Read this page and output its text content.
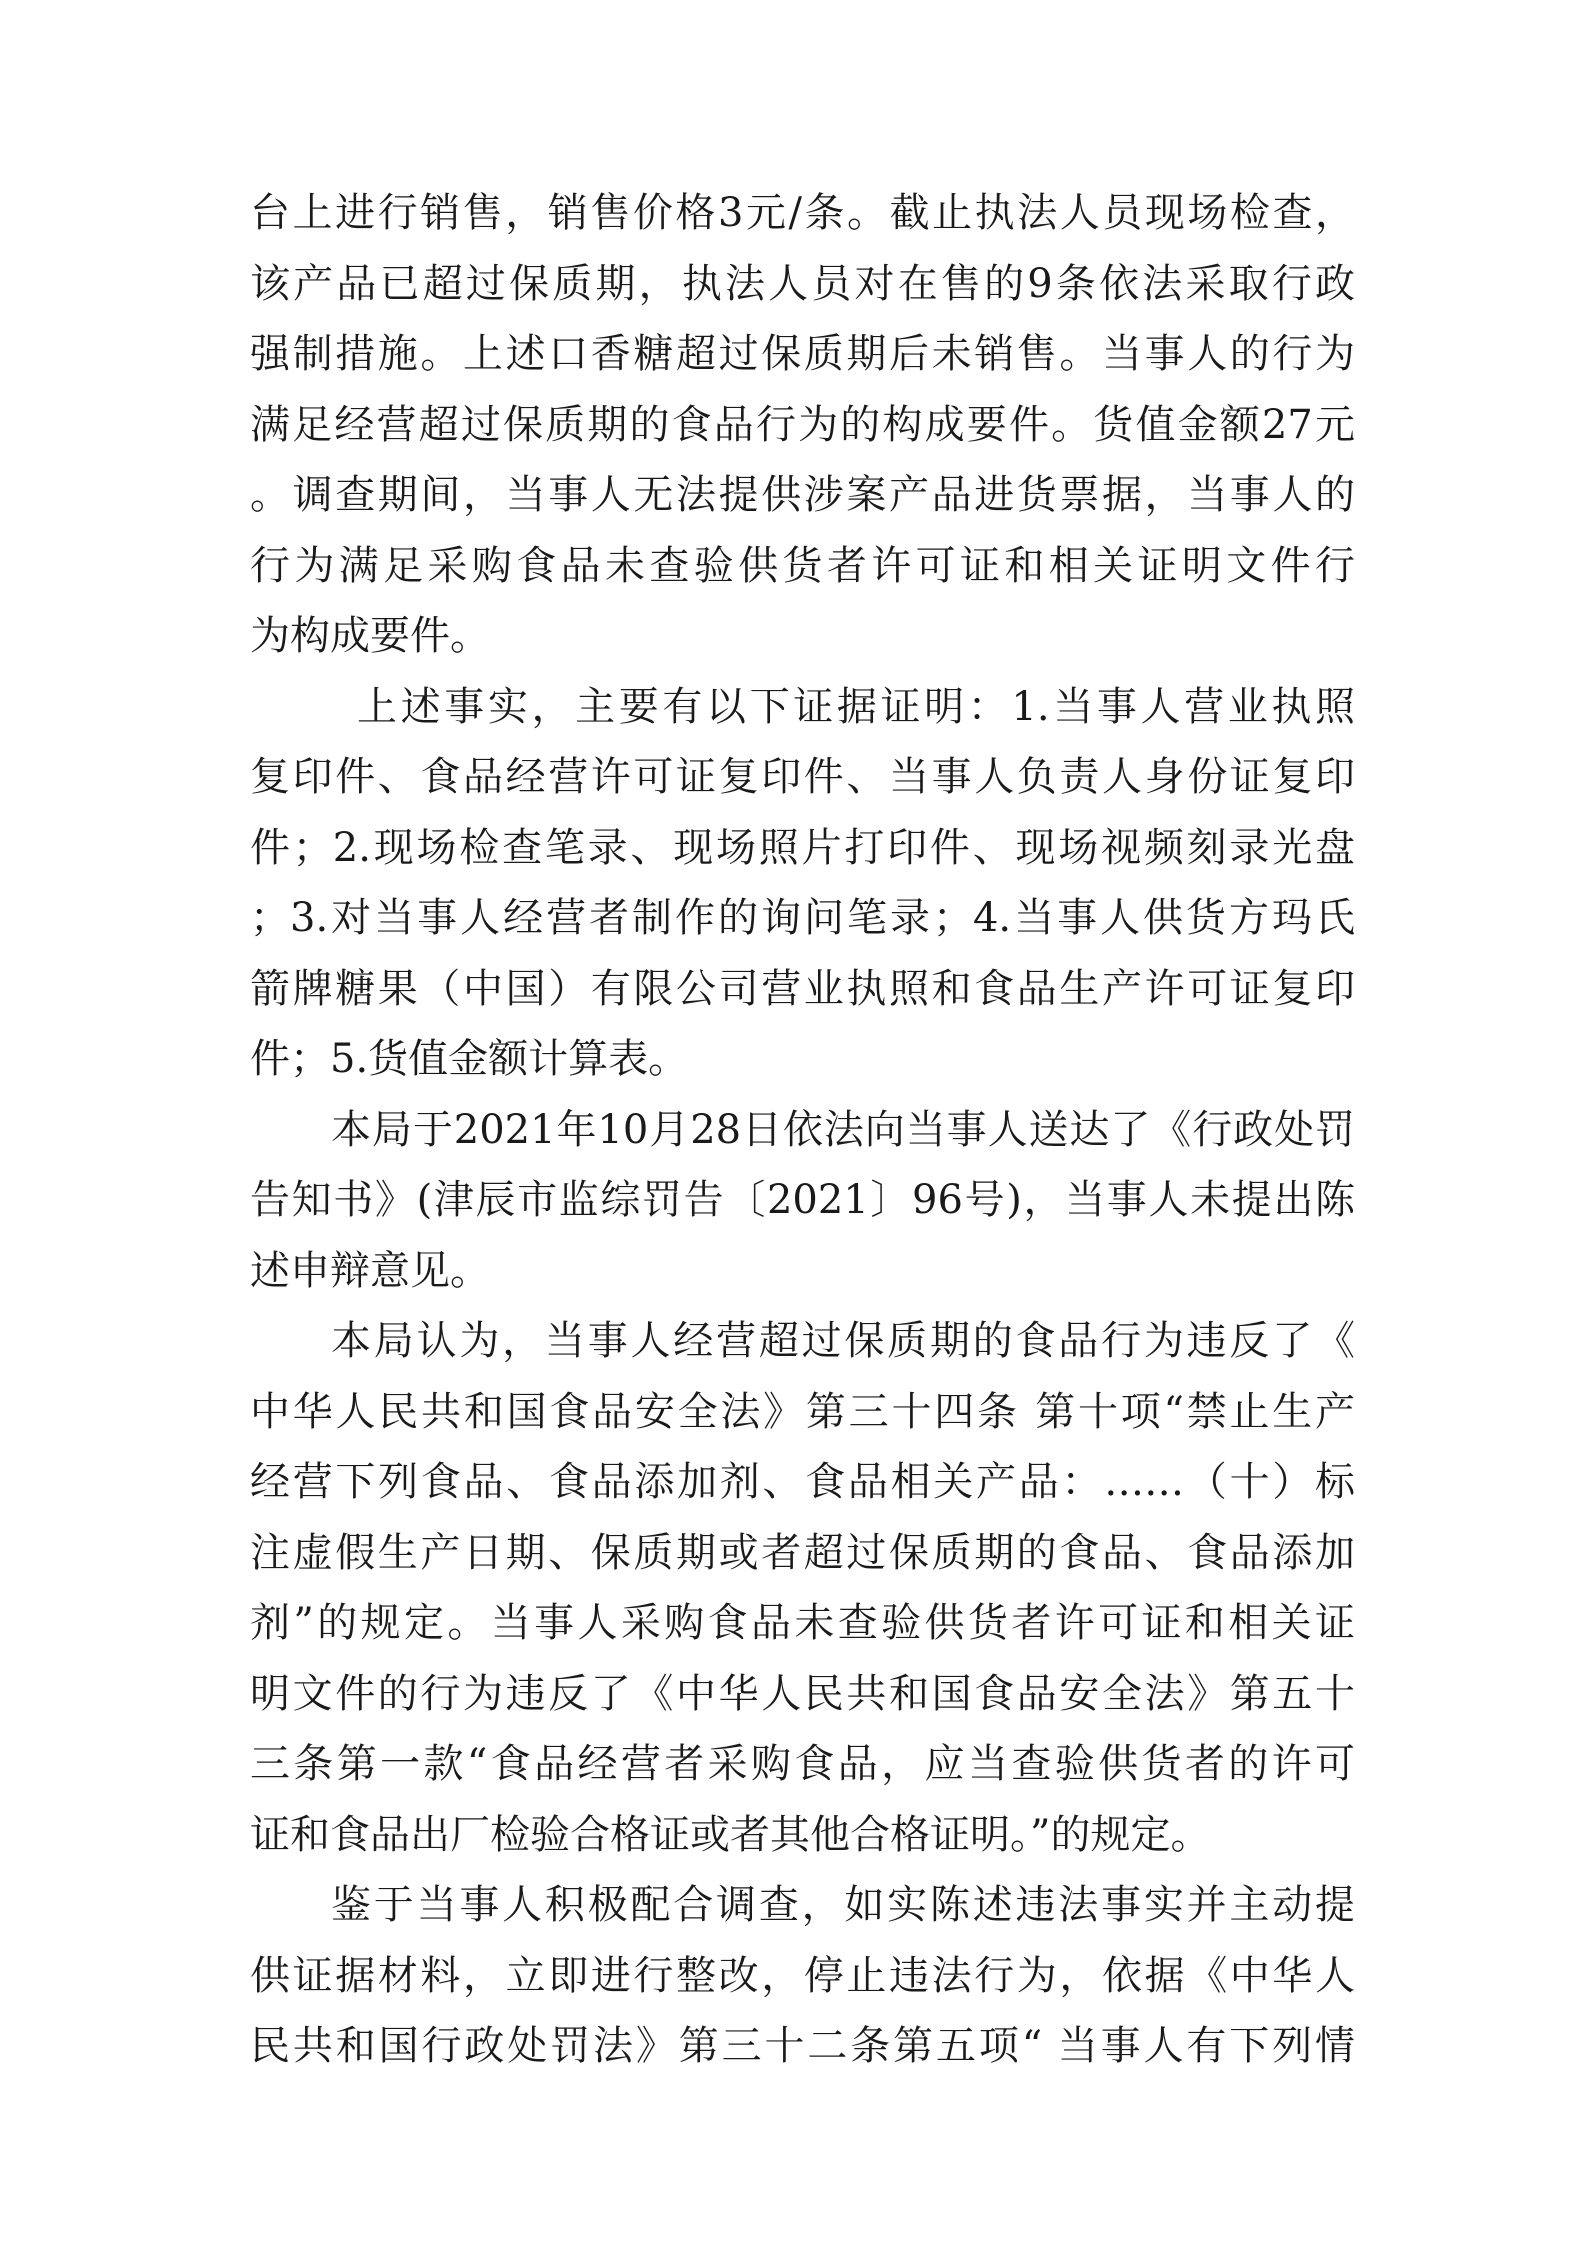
台上进行销售，销售价格3元/条。截止执法人员现场检查，
该产品已超过保质期，执法人员对在售的9条依法采取行政
强制措施。上述口香糖超过保质期后未销售。当事人的行为
满足经营超过保质期的食品行为的构成要件。货值金额27元
。调查期间，当事人无法提供涉案产品进货票据，当事人的
行为满足采购食品未查验供货者许可证和相关证明文件行
为构成要件。
上述事实，主要有以下证据证明：1.当事人营业执照
复印件、食品经营许可证复印件、当事人负责人身份证复印
件；2.现场检查笔录、现场照片打印件、现场视频刻录光盘
；3.对当事人经营者制作的询问笔录；4.当事人供货方玛氏
箭牌糖果（中国）有限公司营业执照和食品生产许可证复印
件；5.货值金额计算表。
本局于2021年10月28日依法向当事人送达了《行政处罚
告知书》(津辰市监综罚告〔2021〕96号)，当事人未提出陈
述申辩意见。
本局认为，当事人经营超过保质期的食品行为违反了《
中华人民共和国食品安全法》第三十四条 第十项“禁止生产
经营下列食品、食品添加剂、食品相关产品：……（十）标
注虚假生产日期、保质期或者超过保质期的食品、食品添加
剂”的规定。当事人采购食品未查验供货者许可证和相关证
明文件的行为违反了《中华人民共和国食品安全法》第五十
三条第一款“食品经营者采购食品，应当查验供货者的许可
证和食品出厂检验合格证或者其他合格证明。”的规定。
鉴于当事人积极配合调查，如实陈述违法事实并主动提
供证据材料，立即进行整改，停止违法行为，依据《中华人
民共和国行政处罚法》第三十二条第五项“ 当事人有下列情
